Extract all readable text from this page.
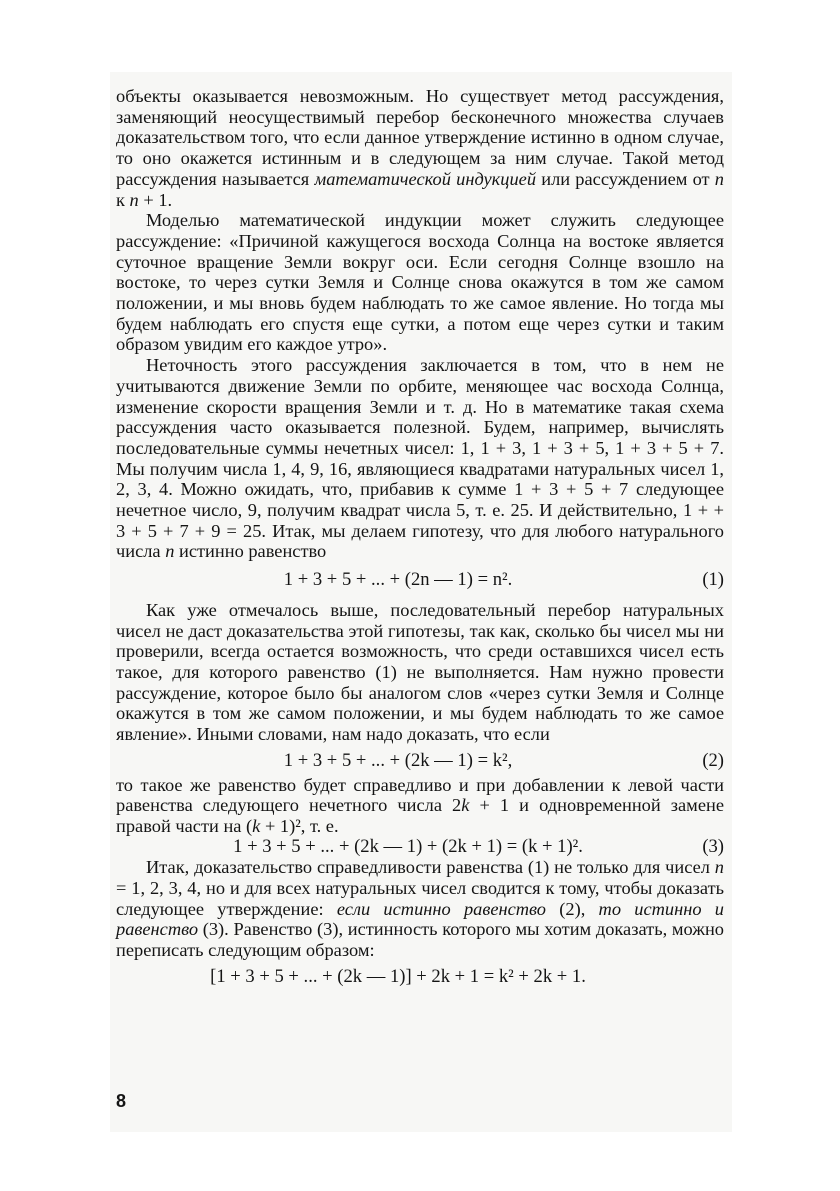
объекты оказывается невозможным. Но существует метод рассуждения, заменяющий неосуществимый перебор бесконечного множества случаев доказательством того, что если данное утверждение истинно в одном случае, то оно окажется истинным и в следующем за ним случае. Такой метод рассуждения называется математической индукцией или рассуждением от n к n + 1.

Моделью математической индукции может служить следующее рассуждение: «Причиной кажущегося восхода Солнца на востоке является суточное вращение Земли вокруг оси. Если сегодня Солнце взошло на востоке, то через сутки Земля и Солнце снова окажутся в том же самом положении, и мы вновь будем наблюдать то же самое явление. Но тогда мы будем наблюдать его спустя еще сутки, а потом еще через сутки и таким образом увидим его каждое утро».

Неточность этого рассуждения заключается в том, что в нем не учитываются движение Земли по орбите, меняющее час восхода Солнца, изменение скорости вращения Земли и т. д. Но в математике такая схема рассуждения часто оказывается полезной. Будем, например, вычислять последовательные суммы нечетных чисел: 1, 1 + 3, 1 + 3 + 5, 1 + 3 + 5 + 7. Мы получим числа 1, 4, 9, 16, являющиеся квадратами натуральных чисел 1, 2, 3, 4. Можно ожидать, что, прибавив к сумме 1 + 3 + 5 + 7 следующее нечетное число, 9, получим квадрат числа 5, т. е. 25. И действительно, 1 + + 3 + 5 + 7 + 9 = 25. Итак, мы делаем гипотезу, что для любого натурального числа n истинно равенство

1 + 3 + 5 + ... + (2n — 1) = n².	(1)

Как уже отмечалось выше, последовательный перебор натуральных чисел не даст доказательства этой гипотезы, так как, сколько бы чисел мы ни проверили, всегда остается возможность, что среди оставшихся чисел есть такое, для которого равенство (1) не выполняется. Нам нужно провести рассуждение, которое было бы аналогом слов «через сутки Земля и Солнце окажутся в том же самом положении, и мы будем наблюдать то же самое явление». Иными словами, нам надо доказать, что если

1 + 3 + 5 + ... + (2k — 1) = k²,	(2)

то такое же равенство будет справедливо и при добавлении к левой части равенства следующего нечетного числа 2k + 1 и одновременной замене правой части на (k + 1)², т. е.

1 + 3 + 5 + ... + (2k — 1) + (2k + 1) = (k + 1)².	(3)

Итак, доказательство справедливости равенства (1) не только для чисел n = 1, 2, 3, 4, но и для всех натуральных чисел сводится к тому, чтобы доказать следующее утверждение: если истинно равенство (2), то истинно и равенство (3). Равенство (3), истинность которого мы хотим доказать, можно переписать следующим образом:

[1 + 3 + 5 + ... + (2k — 1)] + 2k + 1 = k² + 2k + 1.
8
